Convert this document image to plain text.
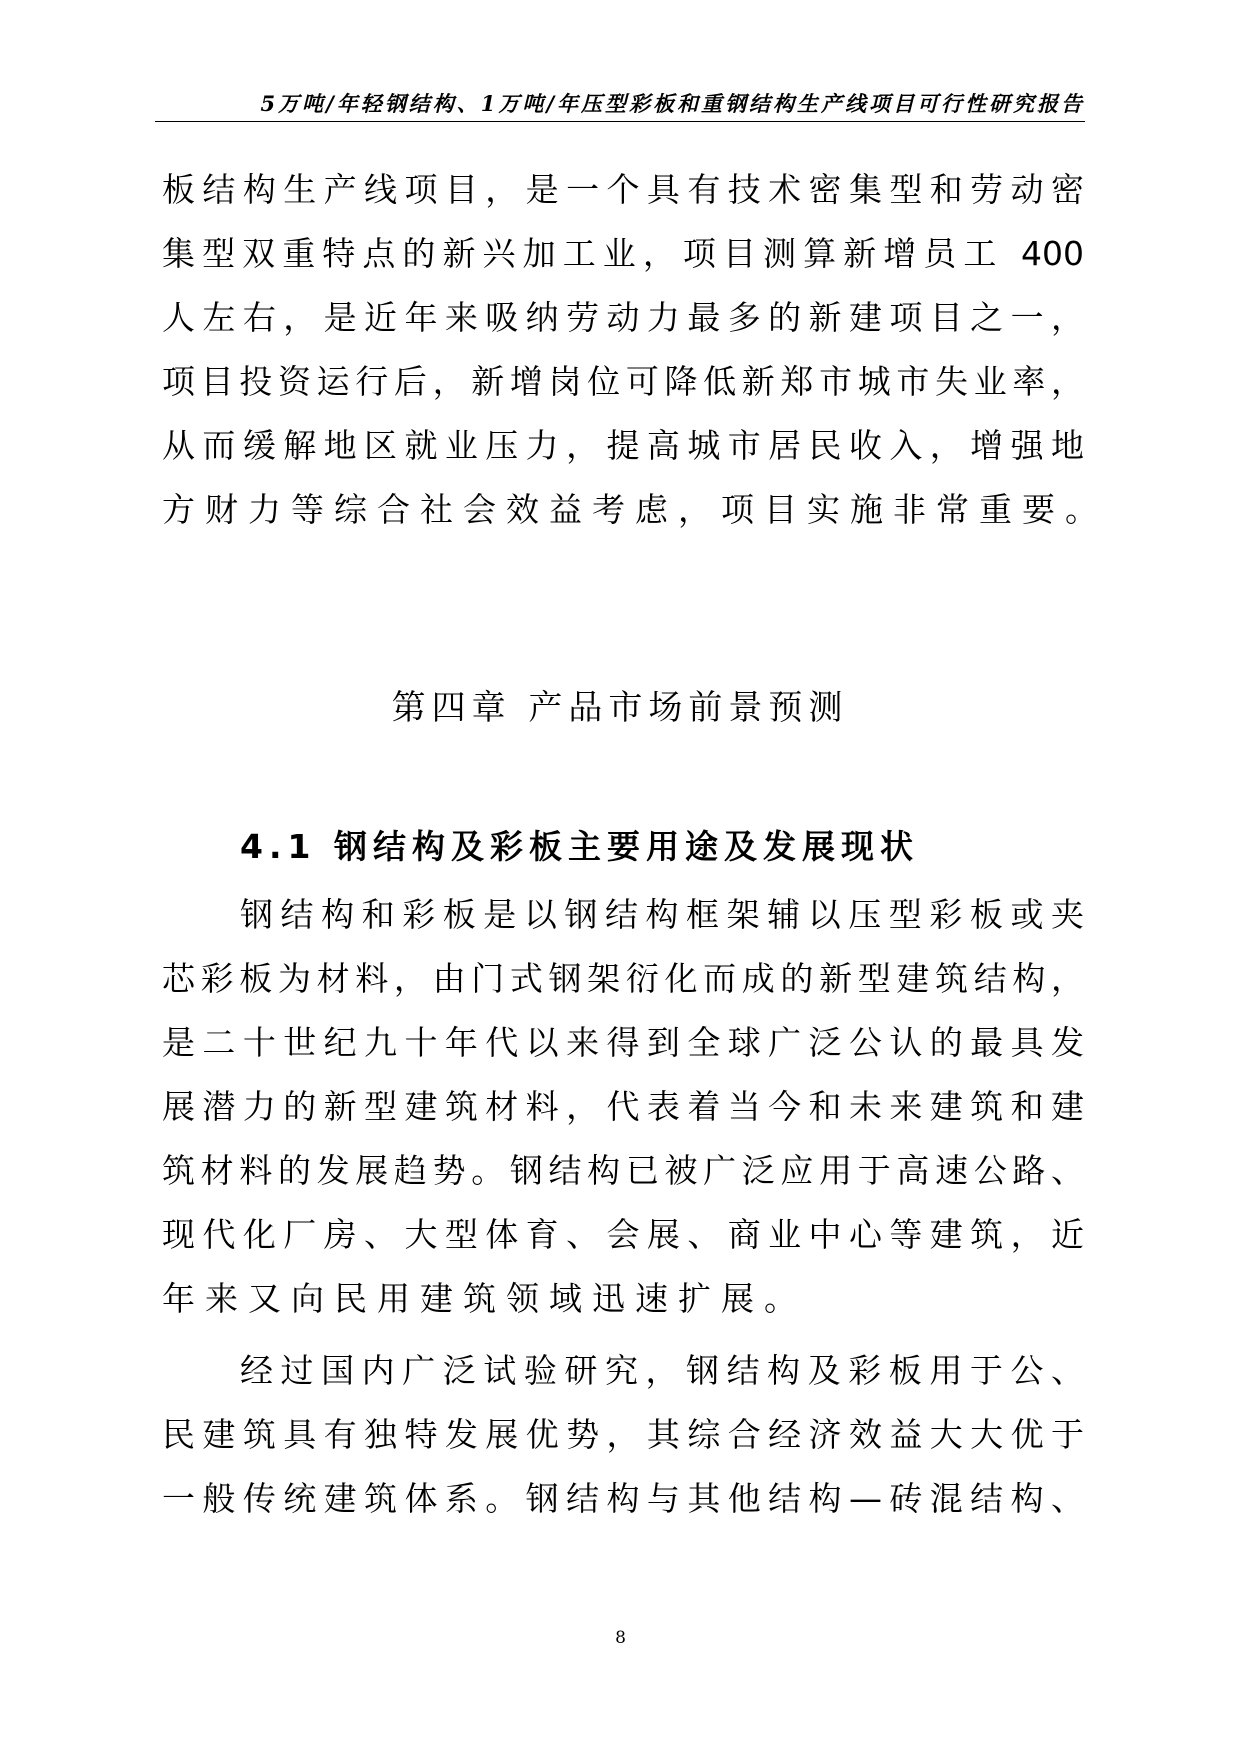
5万吨/年轻钢结构、1万吨/年压型彩板和重钢结构生产线项目可行性研究报告
板结构生产线项目，是一个具有技术密集型和劳动密
集型双重特点的新兴加工业，项目测算新增员工 400
人左右，是近年来吸纳劳动力最多的新建项目之一，
项目投资运行后，新增岗位可降低新郑市城市失业率，
从而缓解地区就业压力，提高城市居民收入，增强地
方财力等综合社会效益考虑，项目实施非常重要。
第四章 产品市场前景预测
4.1 钢结构及彩板主要用途及发展现状
钢结构和彩板是以钢结构框架辅以压型彩板或夹
芯彩板为材料，由门式钢架衍化而成的新型建筑结构，
是二十世纪九十年代以来得到全球广泛公认的最具发
展潜力的新型建筑材料，代表着当今和未来建筑和建
筑材料的发展趋势。钢结构已被广泛应用于高速公路、
现代化厂房、大型体育、会展、商业中心等建筑，近
年来又向民用建筑领域迅速扩展。
经过国内广泛试验研究，钢结构及彩板用于公、
民建筑具有独特发展优势，其综合经济效益大大优于
一般传统建筑体系。钢结构与其他结构—砖混结构、
8
